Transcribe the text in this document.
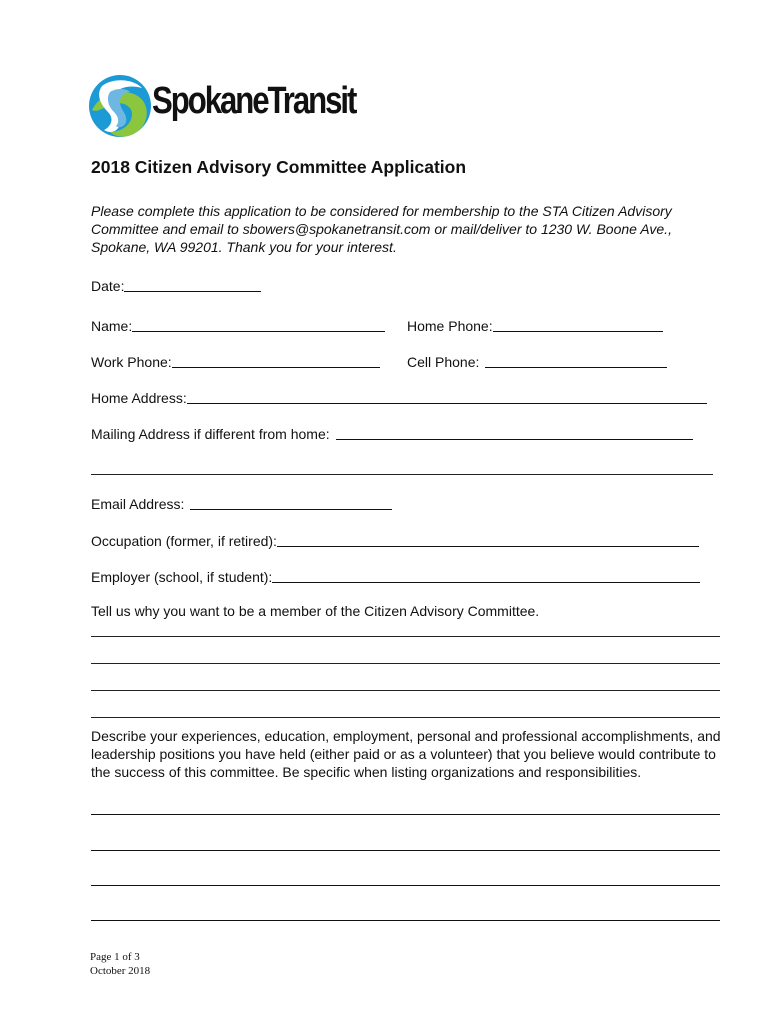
SpokaneTransit
2018 Citizen Advisory Committee Application
Please complete this application to be considered for membership to the STA Citizen Advisory Committee and email to sbowers@spokanetransit.com or mail/deliver to 1230 W. Boone Ave., Spokane, WA 99201. Thank you for your interest.
Date:
Name:	Home Phone:
Work Phone:	Cell Phone:
Home Address:
Mailing Address if different from home:
Email Address:
Occupation (former, if retired):
Employer (school, if student):
Tell us why you want to be a member of the Citizen Advisory Committee.
Describe your experiences, education, employment, personal and professional accomplishments, and leadership positions you have held (either paid or as a volunteer) that you believe would contribute to the success of this committee. Be specific when listing organizations and responsibilities.
Page 1 of 3
October 2018
